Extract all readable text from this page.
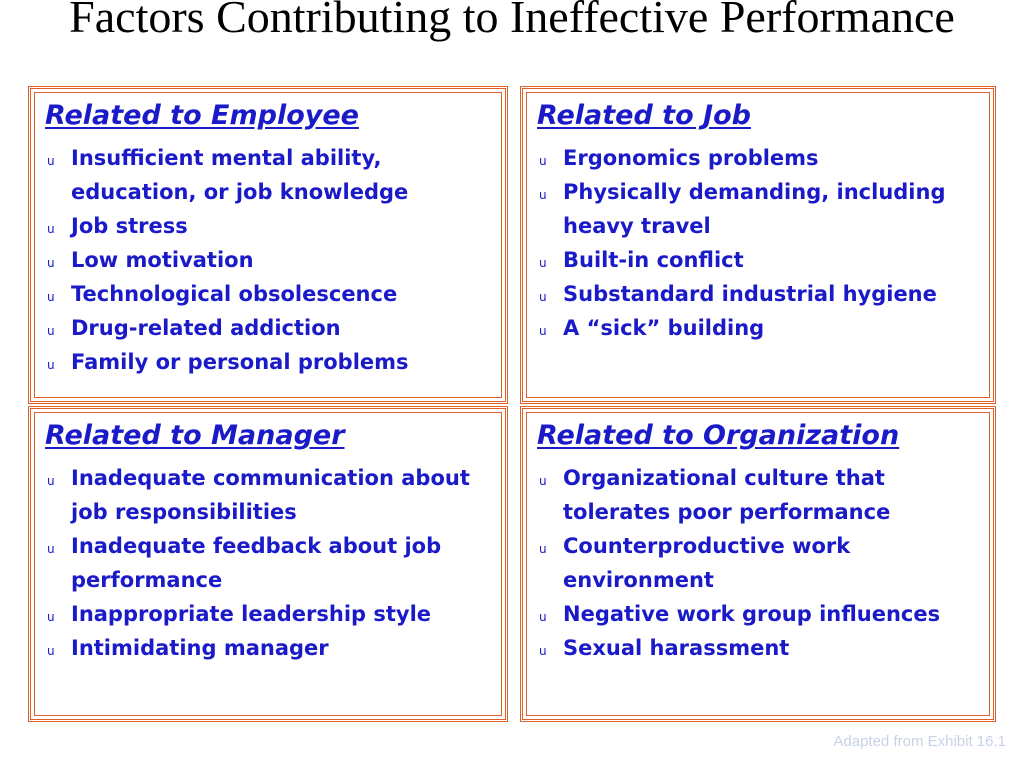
Factors Contributing to Ineffective Performance
Related to Employee
u Insufficient mental ability, education, or job knowledge
u Job stress
u Low motivation
u Technological obsolescence
u Drug-related addiction
u Family or personal problems
Related to Job
u Ergonomics problems
u Physically demanding, including heavy travel
u Built-in conflict
u Substandard industrial hygiene
u A “sick” building
Related to Manager
u Inadequate communication about job responsibilities
u Inadequate feedback about job performance
u Inappropriate leadership style
u Intimidating manager
Related to Organization
u Organizational culture that tolerates poor performance
u Counterproductive work environment
u Negative work group influences
u Sexual harassment
Adapted from Exhibit 16.1
